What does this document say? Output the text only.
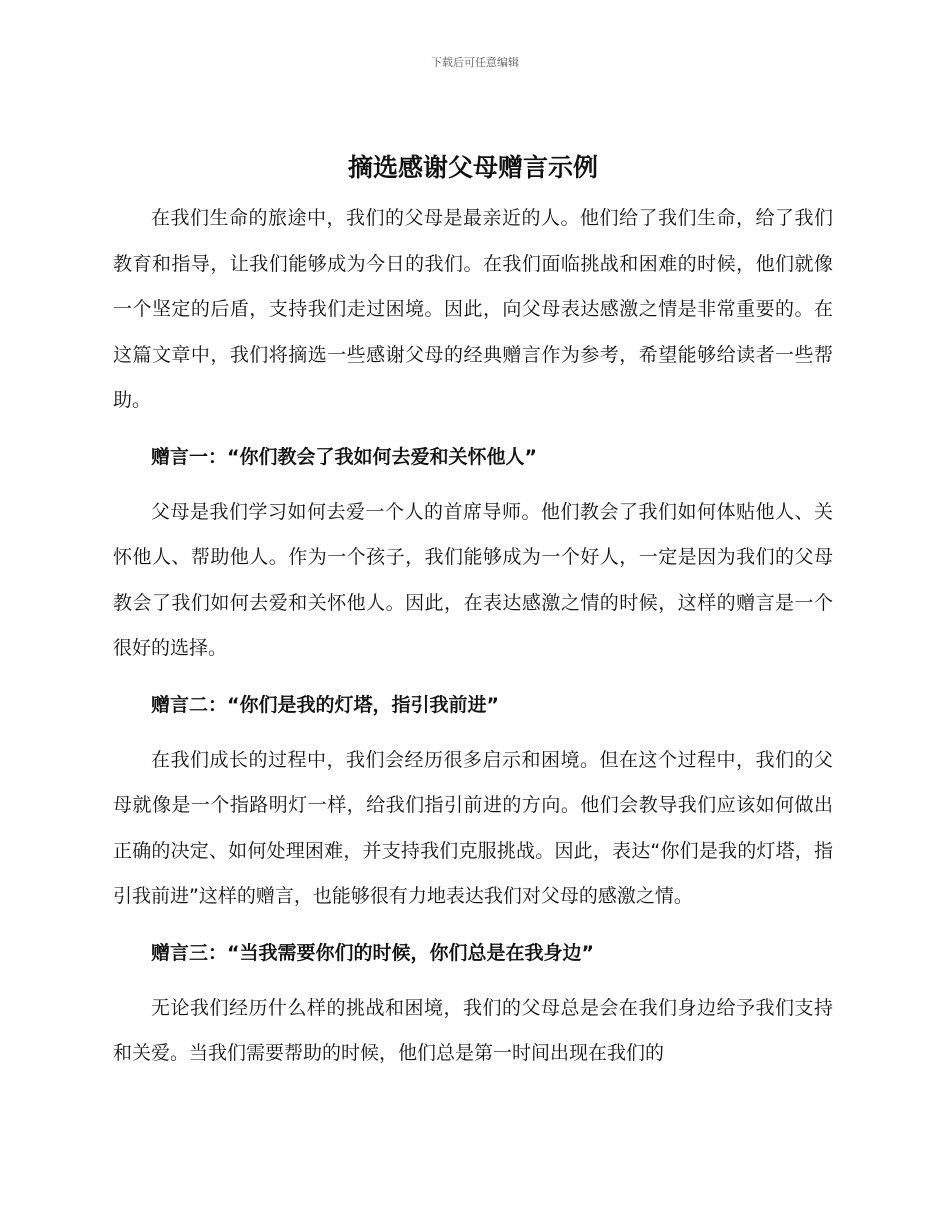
下载后可任意编辑
摘选感谢父母赠言示例

在我们生命的旅途中，我们的父母是最亲近的人。他们给了我们生命，给了我们教育和指导，让我们能够成为今日的我们。在我们面临挑战和困难的时候，他们就像一个坚定的后盾，支持我们走过困境。因此，向父母表达感激之情是非常重要的。在这篇文章中，我们将摘选一些感谢父母的经典赠言作为参考，希望能够给读者一些帮助。

赠言一：“你们教会了我如何去爱和关怀他人”

父母是我们学习如何去爱一个人的首席导师。他们教会了我们如何体贴他人、关怀他人、帮助他人。作为一个孩子，我们能够成为一个好人，一定是因为我们的父母教会了我们如何去爱和关怀他人。因此，在表达感激之情的时候，这样的赠言是一个很好的选择。

赠言二：“你们是我的灯塔，指引我前进”

在我们成长的过程中，我们会经历很多启示和困境。但在这个过程中，我们的父母就像是一个指路明灯一样，给我们指引前进的方向。他们会教导我们应该如何做出正确的决定、如何处理困难，并支持我们克服挑战。因此，表达“你们是我的灯塔，指引我前进”这样的赠言，也能够很有力地表达我们对父母的感激之情。

赠言三：“当我需要你们的时候，你们总是在我身边”

无论我们经历什么样的挑战和困境，我们的父母总是会在我们身边给予我们支持和关爱。当我们需要帮助的时候，他们总是第一时间出现在我们的
